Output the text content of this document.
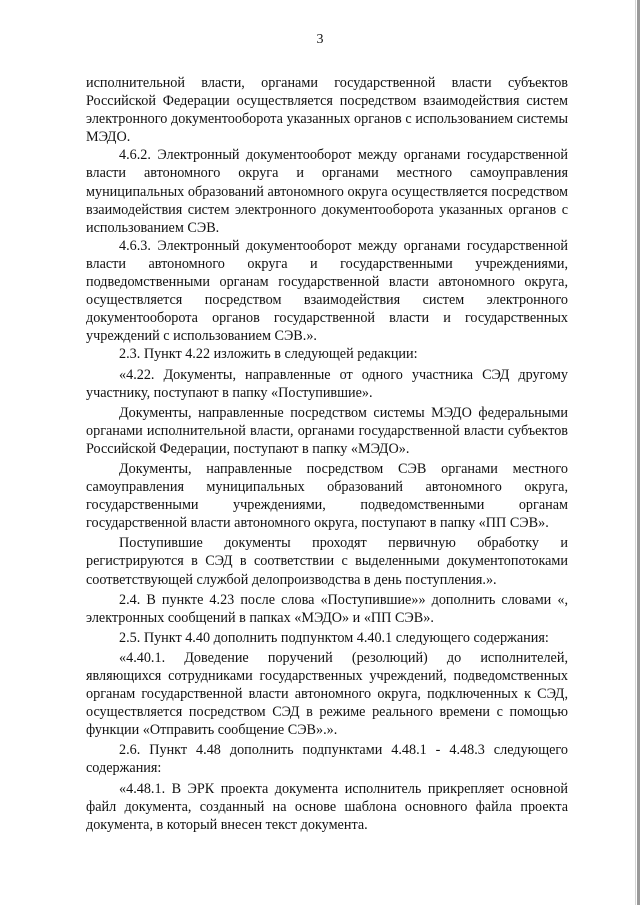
3

исполнительной власти, органами государственной власти субъектов Российской Федерации осуществляется посредством взаимодействия систем электронного документооборота указанных органов с использованием системы МЭДО.

4.6.2. Электронный документооборот между органами государственной власти автономного округа и органами местного самоуправления муниципальных образований автономного округа осуществляется посредством взаимодействия систем электронного документооборота указанных органов с использованием СЭВ.

4.6.3. Электронный документооборот между органами государственной власти автономного округа и государственными учреждениями, подведомственными органам государственной власти автономного округа, осуществляется посредством взаимодействия систем электронного документооборота органов государственной власти и государственных учреждений с использованием СЭВ.».

2.3. Пункт 4.22 изложить в следующей редакции:

«4.22. Документы, направленные от одного участника СЭД другому участнику, поступают в папку «Поступившие».

Документы, направленные посредством системы МЭДО федеральными органами исполнительной власти, органами государственной власти субъектов Российской Федерации, поступают в папку «МЭДО».

Документы, направленные посредством СЭВ органами местного самоуправления муниципальных образований автономного округа, государственными учреждениями, подведомственными органам государственной власти автономного округа, поступают в папку «ПП СЭВ».

Поступившие документы проходят первичную обработку и регистрируются в СЭД в соответствии с выделенными документопотоками соответствующей службой делопроизводства в день поступления.».

2.4. В пункте 4.23 после слова «Поступившие»» дополнить словами «, электронных сообщений в папках «МЭДО» и «ПП СЭВ».

2.5. Пункт 4.40 дополнить подпунктом 4.40.1 следующего содержания:

«4.40.1. Доведение поручений (резолюций) до исполнителей, являющихся сотрудниками государственных учреждений, подведомственных органам государственной власти автономного округа, подключенных к СЭД, осуществляется посредством СЭД в режиме реального времени с помощью функции «Отправить сообщение СЭВ».».

2.6. Пункт 4.48 дополнить подпунктами 4.48.1 - 4.48.3 следующего содержания:

«4.48.1. В ЭРК проекта документа исполнитель прикрепляет основной файл документа, созданный на основе шаблона основного файла проекта документа, в который внесен текст документа.
